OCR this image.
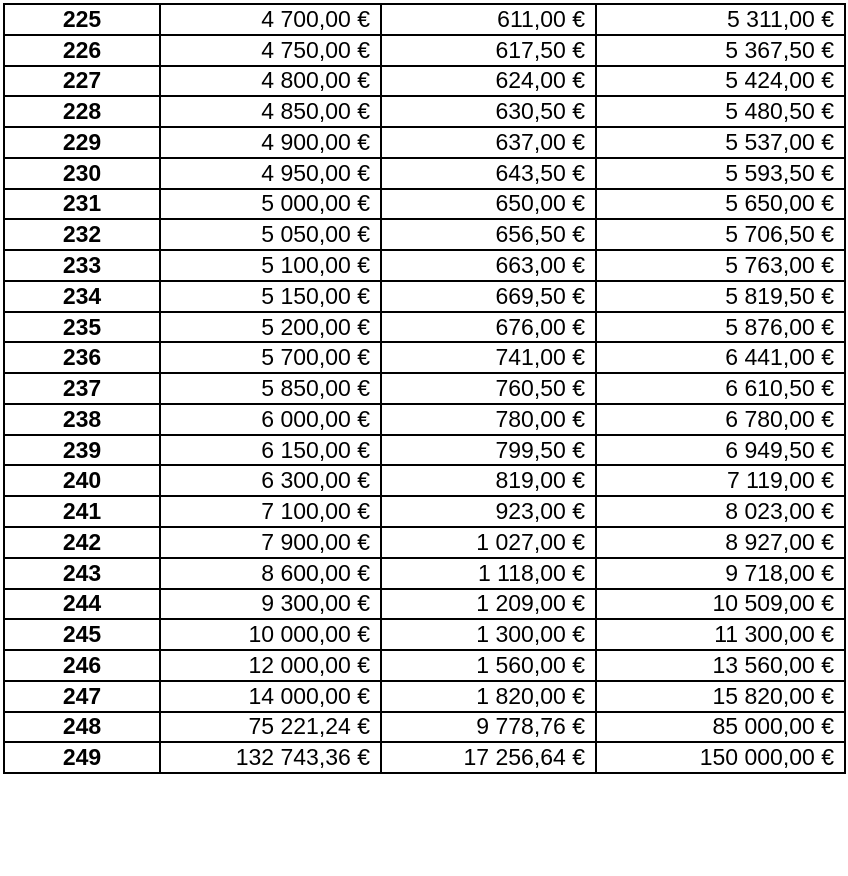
225	4 700,00 €	611,00 €	5 311,00 €
226	4 750,00 €	617,50 €	5 367,50 €
227	4 800,00 €	624,00 €	5 424,00 €
228	4 850,00 €	630,50 €	5 480,50 €
229	4 900,00 €	637,00 €	5 537,00 €
230	4 950,00 €	643,50 €	5 593,50 €
231	5 000,00 €	650,00 €	5 650,00 €
232	5 050,00 €	656,50 €	5 706,50 €
233	5 100,00 €	663,00 €	5 763,00 €
234	5 150,00 €	669,50 €	5 819,50 €
235	5 200,00 €	676,00 €	5 876,00 €
236	5 700,00 €	741,00 €	6 441,00 €
237	5 850,00 €	760,50 €	6 610,50 €
238	6 000,00 €	780,00 €	6 780,00 €
239	6 150,00 €	799,50 €	6 949,50 €
240	6 300,00 €	819,00 €	7 119,00 €
241	7 100,00 €	923,00 €	8 023,00 €
242	7 900,00 €	1 027,00 €	8 927,00 €
243	8 600,00 €	1 118,00 €	9 718,00 €
244	9 300,00 €	1 209,00 €	10 509,00 €
245	10 000,00 €	1 300,00 €	11 300,00 €
246	12 000,00 €	1 560,00 €	13 560,00 €
247	14 000,00 €	1 820,00 €	15 820,00 €
248	75 221,24 €	9 778,76 €	85 000,00 €
249	132 743,36 €	17 256,64 €	150 000,00 €
